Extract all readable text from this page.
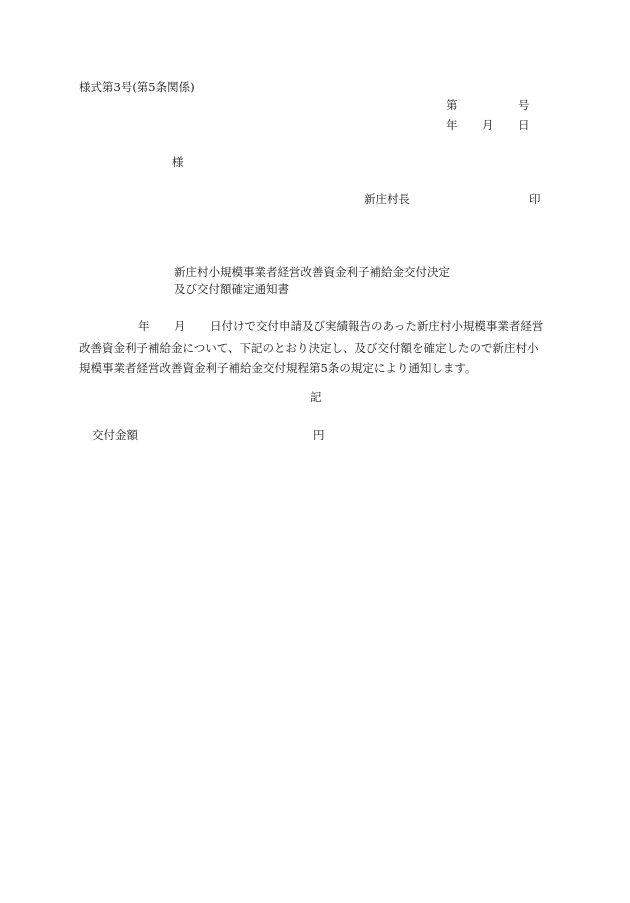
様式第3号(第5条関係)
第	号
年 月 日
様
新庄村長	印
新庄村小規模事業者経営改善資金利子補給金交付決定
及び交付額確定通知書
年 月 日付けで交付申請及び実績報告のあった新庄村小規模事業者経営
改善資金利子補給金について、下記のとおり決定し、及び交付額を確定したので新庄村小
規模事業者経営改善資金利子補給金交付規程第5条の規定により通知します。
記
交付金額	円
